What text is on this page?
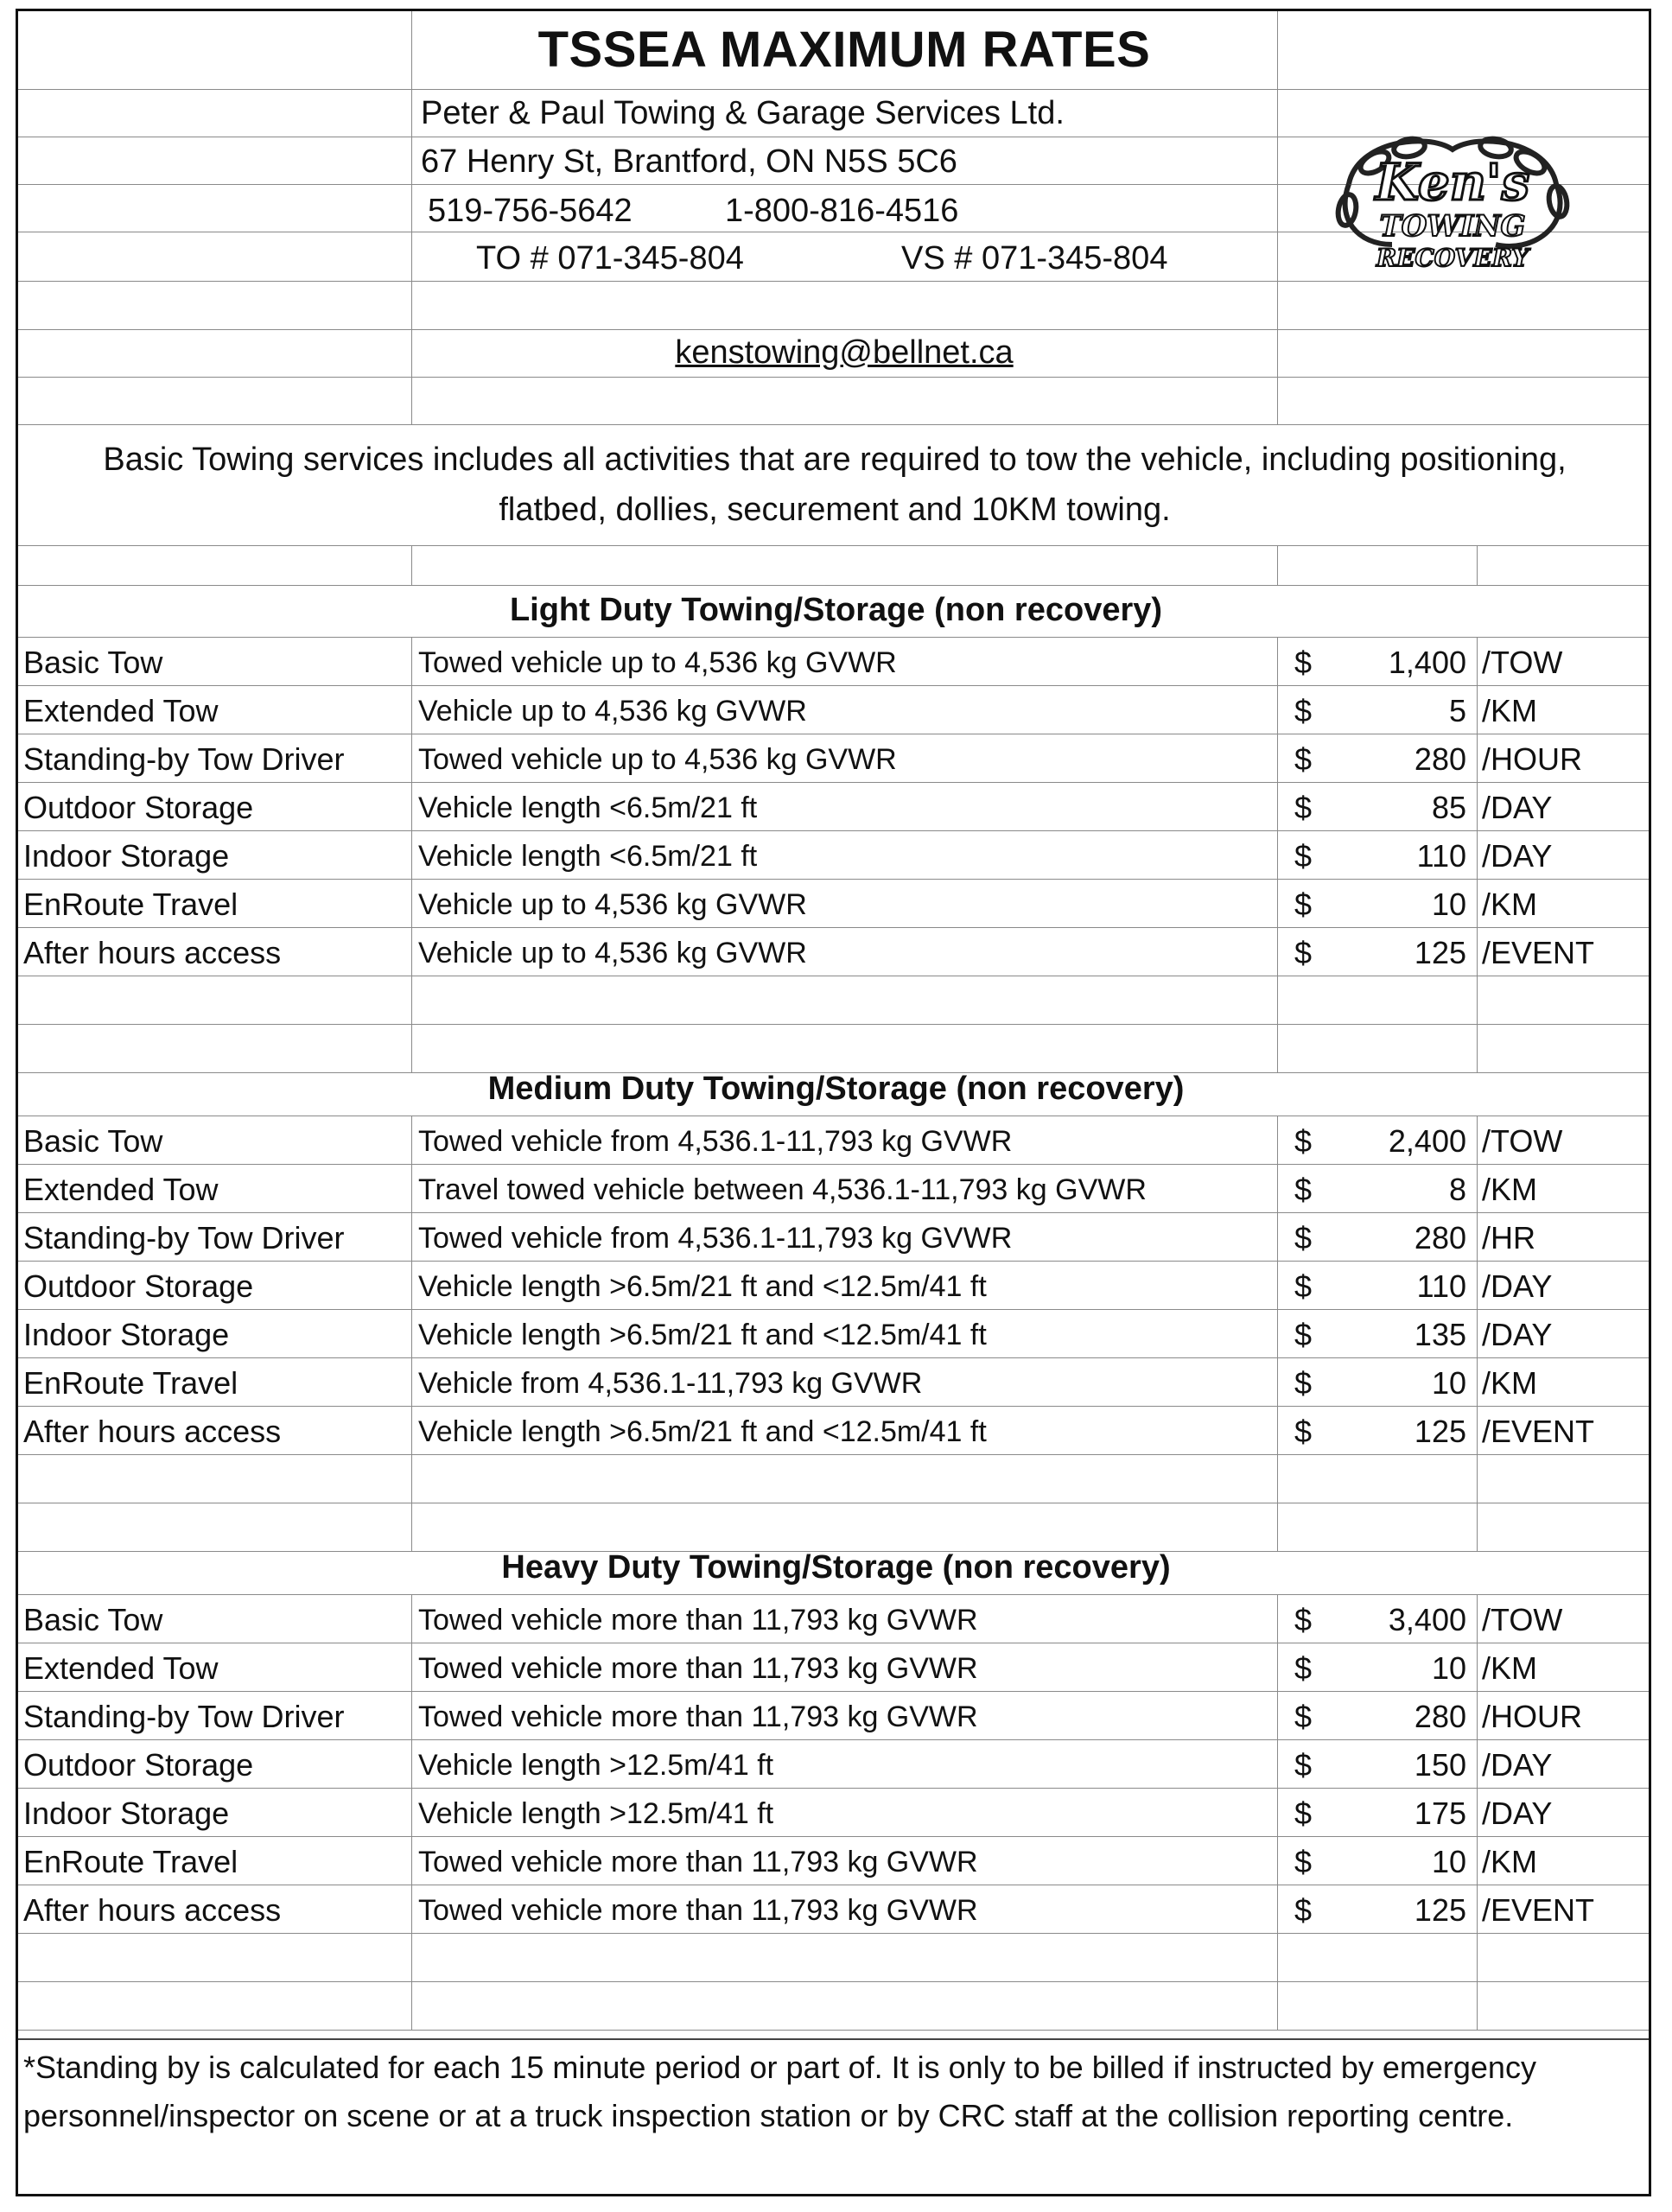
TSSEA MAXIMUM RATES
Peter & Paul Towing & Garage Services Ltd.
67 Henry St, Brantford, ON N5S 5C6
519-756-5642	1-800-816-4516
TO # 071-345-804	VS # 071-345-804
kenstowing@bellnet.ca
Ken's
TOWING
RECOVERY
Basic Towing services includes all activities that are required to tow the vehicle, including positioning, flatbed, dollies, securement and 10KM towing.
Light Duty Towing/Storage (non recovery)
Basic Tow	Towed vehicle up to 4,536 kg GVWR	$	1,400 /TOW
Extended Tow	Vehicle up to 4,536 kg GVWR	$	5 /KM
Standing-by Tow Driver	Towed vehicle up to 4,536 kg GVWR	$	280 /HOUR
Outdoor Storage	Vehicle length <6.5m/21 ft	$	85 /DAY
Indoor Storage	Vehicle length <6.5m/21 ft	$	110 /DAY
EnRoute Travel	Vehicle up to 4,536 kg GVWR	$	10 /KM
After hours access	Vehicle up to 4,536 kg GVWR	$	125 /EVENT
Medium Duty Towing/Storage (non recovery)
Basic Tow	Towed vehicle from 4,536.1-11,793 kg GVWR	$	2,400 /TOW
Extended Tow	Travel towed vehicle between 4,536.1-11,793 kg GVWR	$	8 /KM
Standing-by Tow Driver	Towed vehicle from 4,536.1-11,793 kg GVWR	$	280 /HR
Outdoor Storage	Vehicle length >6.5m/21 ft and <12.5m/41 ft	$	110 /DAY
Indoor Storage	Vehicle length >6.5m/21 ft and <12.5m/41 ft	$	135 /DAY
EnRoute Travel	Vehicle from 4,536.1-11,793 kg GVWR	$	10 /KM
After hours access	Vehicle length >6.5m/21 ft and <12.5m/41 ft	$	125 /EVENT
Heavy Duty Towing/Storage (non recovery)
Basic Tow	Towed vehicle more than 11,793 kg GVWR	$	3,400 /TOW
Extended Tow	Towed vehicle more than 11,793 kg GVWR	$	10 /KM
Standing-by Tow Driver	Towed vehicle more than 11,793 kg GVWR	$	280 /HOUR
Outdoor Storage	Vehicle length >12.5m/41 ft	$	150 /DAY
Indoor Storage	Vehicle length >12.5m/41 ft	$	175 /DAY
EnRoute Travel	Towed vehicle more than 11,793 kg GVWR	$	10 /KM
After hours access	Towed vehicle more than 11,793 kg GVWR	$	125 /EVENT
*Standing by is calculated for each 15 minute period or part of. It is only to be billed if instructed by emergency personnel/inspector on scene or at a truck inspection station or by CRC staff at the collision reporting centre.
